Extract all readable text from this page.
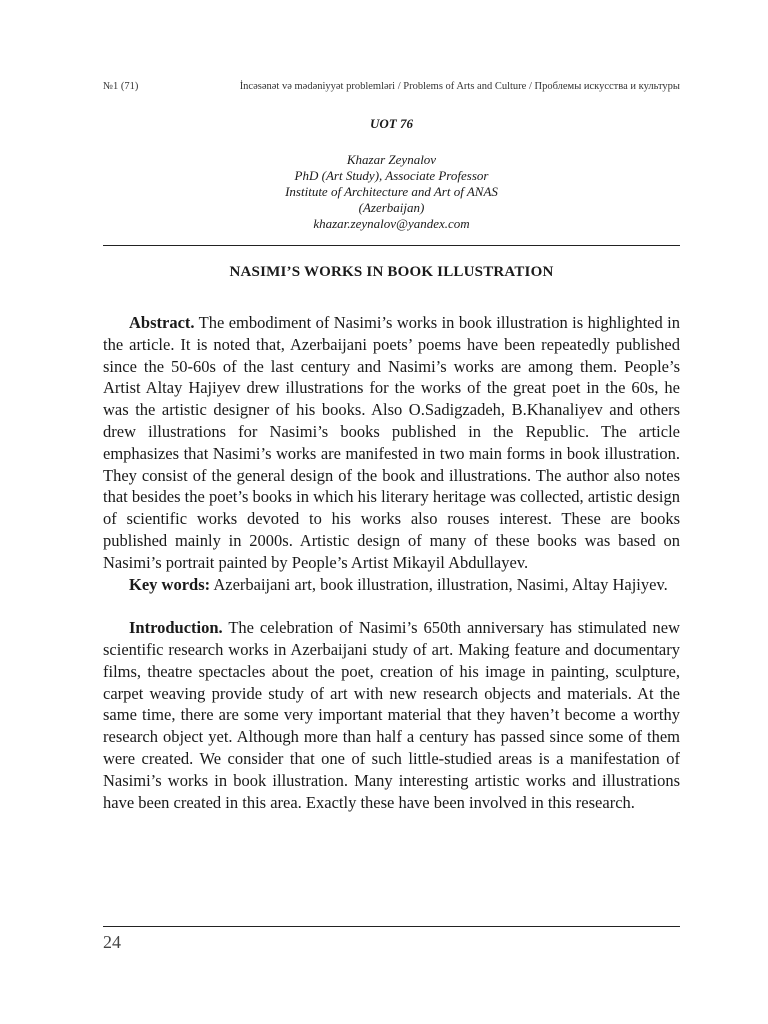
№1 (71)	İncəsənət və mədəniyyət problemləri / Problems of Arts and Culture / Проблемы искусства и культуры
UOT 76
Khazar Zeynalov
PhD (Art Study), Associate Professor
Institute of Architecture and Art of ANAS
(Azerbaijan)
khazar.zeynalov@yandex.com
NASIMI’S WORKS IN BOOK ILLUSTRATION

Abstract. The embodiment of Nasimi’s works in book illustration is highlighted in the article. It is noted that, Azerbaijani poets’ poems have been repeatedly published since the 50-60s of the last century and Nasimi’s works are among them. People’s Artist Altay Hajiyev drew illustrations for the works of the great poet in the 60s, he was the artistic designer of his books. Also O.Sadigzadeh, B.Khanaliyev and others drew illustrations for Nasimi’s books published in the Republic. The article emphasizes that Nasimi’s works are manifested in two main forms in book illustration. They consist of the general design of the book and illustrations. The author also notes that besides the poet’s books in which his literary heritage was collected, artistic design of scientific works devoted to his works also rouses interest. These are books published mainly in 2000s. Artistic design of many of these books was based on Nasimi’s portrait painted by People’s Artist Mikayil Abdullayev.

Key words: Azerbaijani art, book illustration, illustration, Nasimi, Altay Hajiyev.

Introduction. The celebration of Nasimi’s 650th anniversary has stimulated new scientific research works in Azerbaijani study of art. Making feature and documentary films, theatre spectacles about the poet, creation of his image in painting, sculpture, carpet weaving provide study of art with new research objects and materials. At the same time, there are some very important material that they haven’t become a worthy research object yet. Although more than half a century has passed since some of them were created. We consider that one of such little-studied areas is a manifestation of Nasimi’s works in book illustration. Many interesting artistic works and illustrations have been created in this area. Exactly these have been involved in this research.

24
